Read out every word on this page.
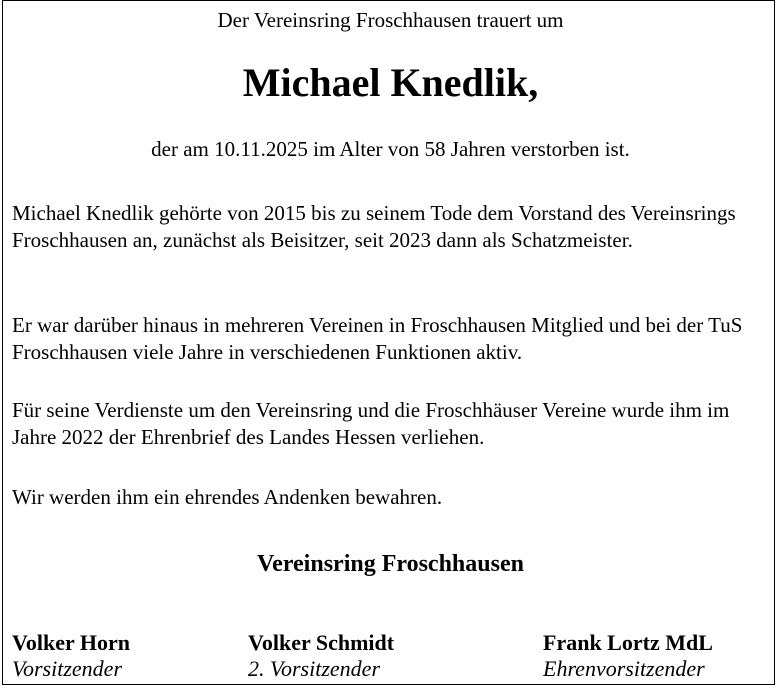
Der Vereinsring Froschhausen trauert um
Michael Knedlik,
der am 10.11.2025 im Alter von 58 Jahren verstorben ist.

Michael Knedlik gehörte von 2015 bis zu seinem Tode dem Vorstand des Vereinsrings Froschhausen an, zunächst als Beisitzer, seit 2023 dann als Schatzmeister.

Er war darüber hinaus in mehreren Vereinen in Froschhausen Mitglied und bei der TuS Froschhausen viele Jahre in verschiedenen Funktionen aktiv.

Für seine Verdienste um den Vereinsring und die Froschhäuser Vereine wurde ihm im Jahre 2022 der Ehrenbrief des Landes Hessen verliehen.

Wir werden ihm ein ehrendes Andenken bewahren.

Vereinsring Froschhausen
Volker Horn
Vorsitzender
Volker Schmidt
2. Vorsitzender
Frank Lortz MdL
Ehrenvorsitzender
